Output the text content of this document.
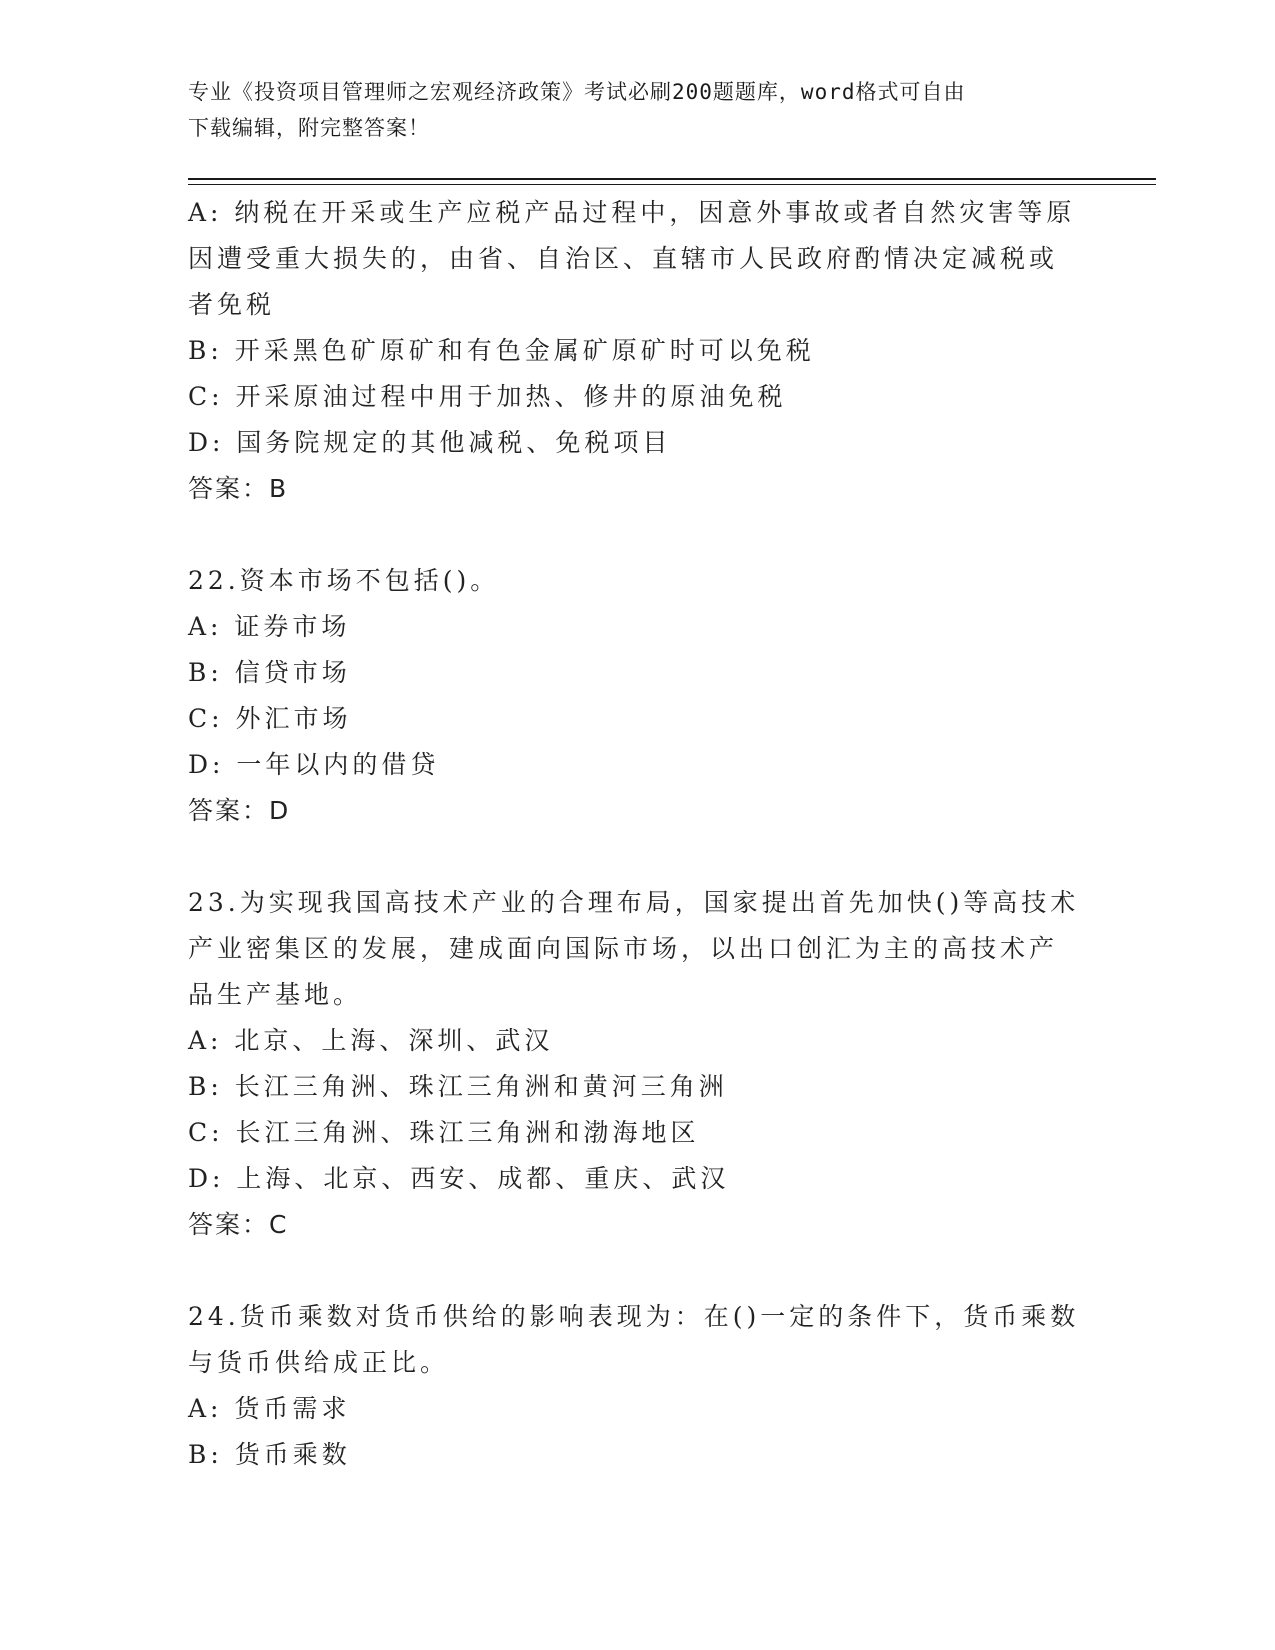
专业《投资项目管理师之宏观经济政策》考试必刷200题题库，word格式可自由
下载编辑，附完整答案！
A: 纳税在开采或生产应税产品过程中，因意外事故或者自然灾害等原
因遭受重大损失的，由省、自治区、直辖市人民政府酌情决定减税或
者免税
B: 开采黑色矿原矿和有色金属矿原矿时可以免税
C: 开采原油过程中用于加热、修井的原油免税
D: 国务院规定的其他减税、免税项目
答案：B
22.资本市场不包括()。
A: 证券市场
B: 信贷市场
C: 外汇市场
D: 一年以内的借贷
答案：D
23.为实现我国高技术产业的合理布局，国家提出首先加快()等高技术
产业密集区的发展，建成面向国际市场，以出口创汇为主的高技术产
品生产基地。
A: 北京、上海、深圳、武汉
B: 长江三角洲、珠江三角洲和黄河三角洲
C: 长江三角洲、珠江三角洲和渤海地区
D: 上海、北京、西安、成都、重庆、武汉
答案：C
24.货币乘数对货币供给的影响表现为：在()一定的条件下，货币乘数
与货币供给成正比。
A: 货币需求
B: 货币乘数
